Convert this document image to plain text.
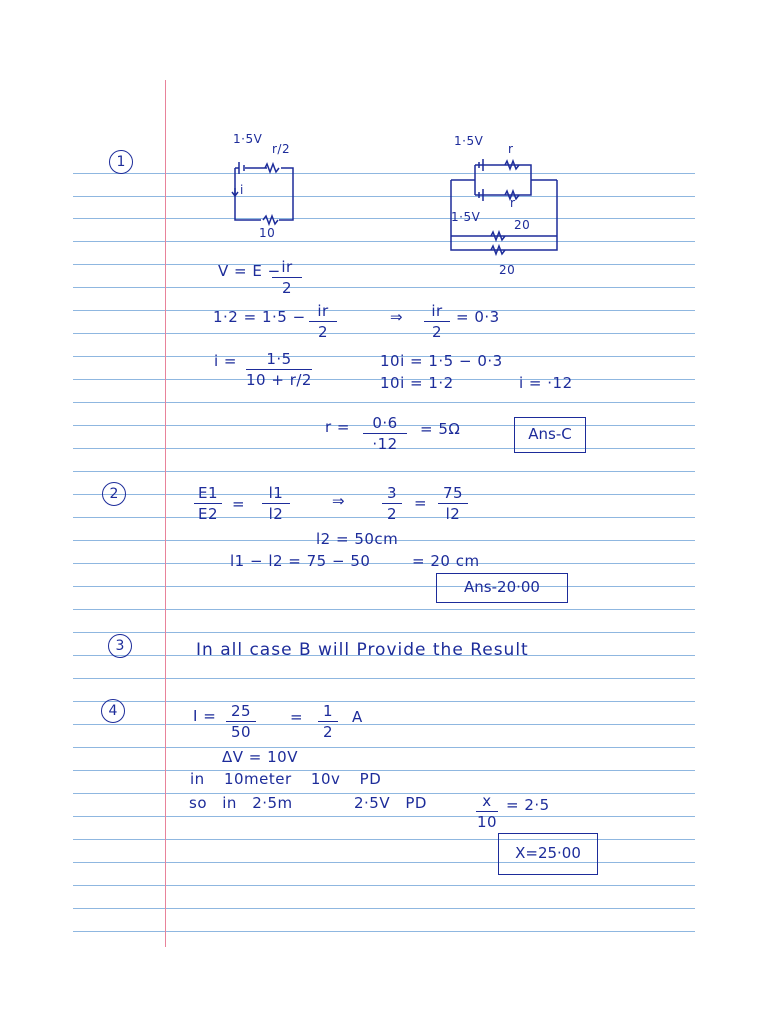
1
1·5V
r/2
i
10
1·5V
r
r
1·5V
20
20
V = E − ir
2
1·2 = 1·5 − ir
2
⇒	ir
2
= 0·3
i =	1·5
10 + r/2
10i = 1·5 − 0·3
10i = 1·2	i = ·12
r =	0·6
·12
= 5Ω	Ans-C
2	E1
E2
=
l1
l2
⇒	3
2
=
75
l2
l2 = 50cm
l1 − l2 = 75 − 50	= 20 cm
Ans-20·00
3	In all case B will Provide the Result
4	I = 25
50
=	1
2
A
ΔV = 10V
in 10meter 10v PD
so in 2·5m	2·5V PD	x
10
= 2·5
X=25·00
